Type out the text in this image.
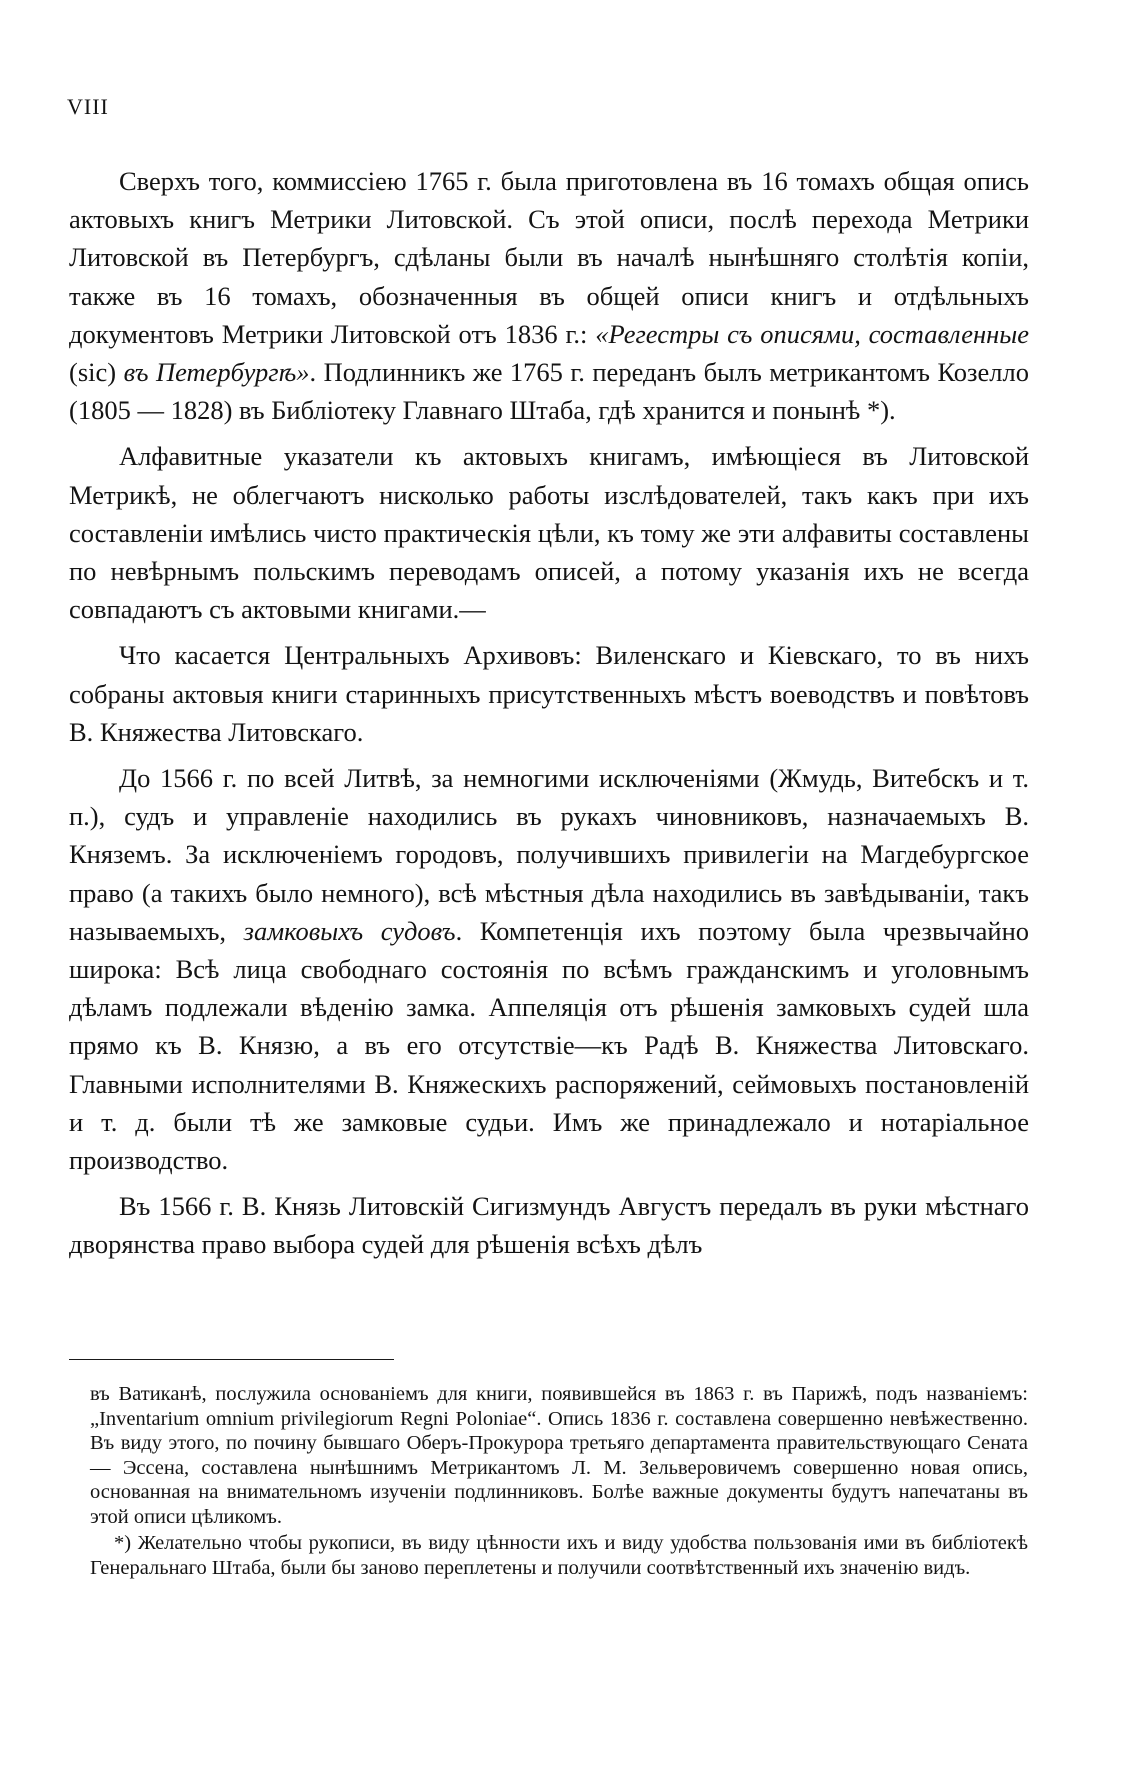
VIII

Сверхъ того, коммиссіею 1765 г. была приготовлена въ 16 томахъ общая опись актовыхъ книгъ Метрики Литовской. Съ этой описи, послѣ перехода Метрики Литовской въ Петербургъ, сдѣланы были въ началѣ нынѣшняго столѣтія копіи, также въ 16 томахъ, обозначенныя въ общей описи книгъ и отдѣльныхъ документовъ Метрики Литовской отъ 1836 г.: «Регестры съ описями, составленные (sic) въ Петербургѣ». Подлинникъ же 1765 г. переданъ былъ метрикантомъ Козелло (1805 — 1828) въ Библіотеку Главнаго Штаба, гдѣ хранится и понынѣ *).

Алфавитные указатели къ актовыхъ книгамъ, имѣющіеся въ Литовской Метрикѣ, не облегчаютъ нисколько работы изслѣдователей, такъ какъ при ихъ составленіи имѣлись чисто практическія цѣли, къ тому же эти алфавиты составлены по невѣрнымъ польскимъ переводамъ описей, а потому указанія ихъ не всегда совпадаютъ съ актовыми книгами.—

Что касается Центральныхъ Архивовъ: Виленскаго и Кіевскаго, то въ нихъ собраны актовыя книги старинныхъ присутственныхъ мѣстъ воеводствъ и повѣтовъ В. Княжества Литовскаго.

До 1566 г. по всей Литвѣ, за немногими исключеніями (Жмудь, Витебскъ и т. п.), судъ и управленіе находились въ рукахъ чиновниковъ, назначаемыхъ В. Княземъ. За исключеніемъ городовъ, получившихъ привилегіи на Магдебургское право (а такихъ было немного), всѣ мѣстныя дѣла находились въ завѣдываніи, такъ называемыхъ, замковыхъ судовъ. Компетенція ихъ поэтому была чрезвычайно широка: Всѣ лица свободнаго состоянія по всѣмъ гражданскимъ и уголовнымъ дѣламъ подлежали вѣденію замка. Аппеляція отъ рѣшенія замковыхъ судей шла прямо къ В. Князю, а въ его отсутствіе—къ Радѣ В. Княжества Литовскаго. Главными исполнителями В. Княжескихъ распоряжений, сеймовыхъ постановленій и т. д. были тѣ же замковые судьи. Имъ же принадлежало и нотаріальное производство.

Въ 1566 г. В. Князь Литовскій Сигизмундъ Августъ передалъ въ руки мѣстнаго дворянства право выбора судей для рѣшенія всѣхъ дѣлъ

въ Ватиканѣ, послужила основаніемъ для книги, появившейся въ 1863 г. въ Парижѣ, подъ названіемъ: „Inventarium omnium privilegiorum Regni Poloniae“. Опись 1836 г. составлена совершенно невѣжественно. Въ виду этого, по почину бывшаго Оберъ-Прокурора третьяго департамента правительствующаго Сената — Эссена, составлена нынѣшнимъ Метрикантомъ Л. М. Зельверовичемъ совершенно новая опись, основанная на внимательномъ изученіи подлинниковъ. Болѣе важные документы будутъ напечатаны въ этой описи цѣликомъ.

*) Желательно чтобы рукописи, въ виду цѣнности ихъ и виду удобства пользованія ими въ библіотекѣ Генеральнаго Штаба, были бы заново переплетены и получили соотвѣтственный ихъ значенію видъ.
